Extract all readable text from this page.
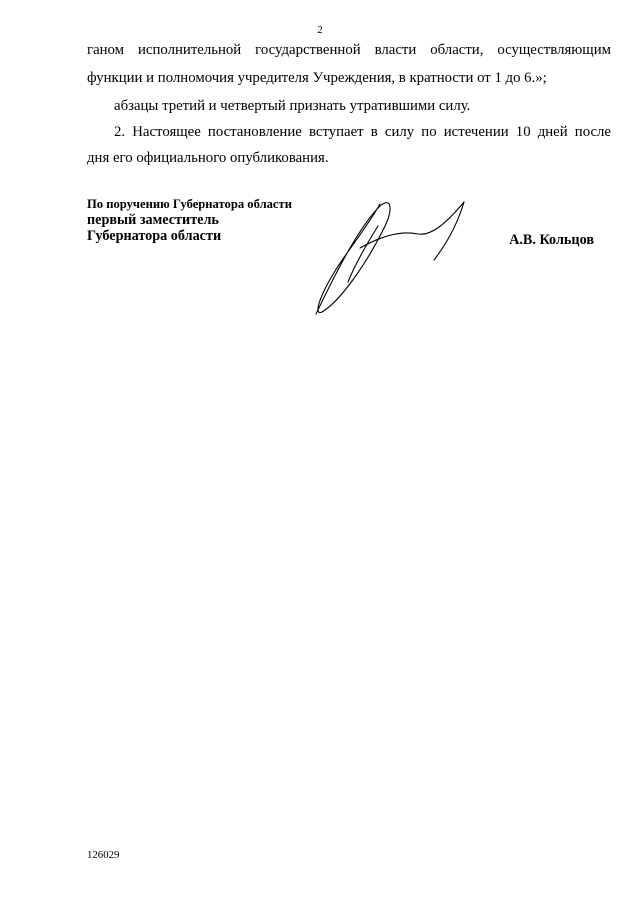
2

ганом исполнительной государственной власти области, осуществляющим

функции и полномочия учредителя Учреждения, в кратности от 1 до 6.»;

абзацы третий и четвертый признать утратившими силу.

2. Настоящее постановление вступает в силу по истечении 10 дней после

дня его официального опубликования.

По поручению Губернатора области
первый заместитель
Губернатора области	А.В. Кольцов
126029
